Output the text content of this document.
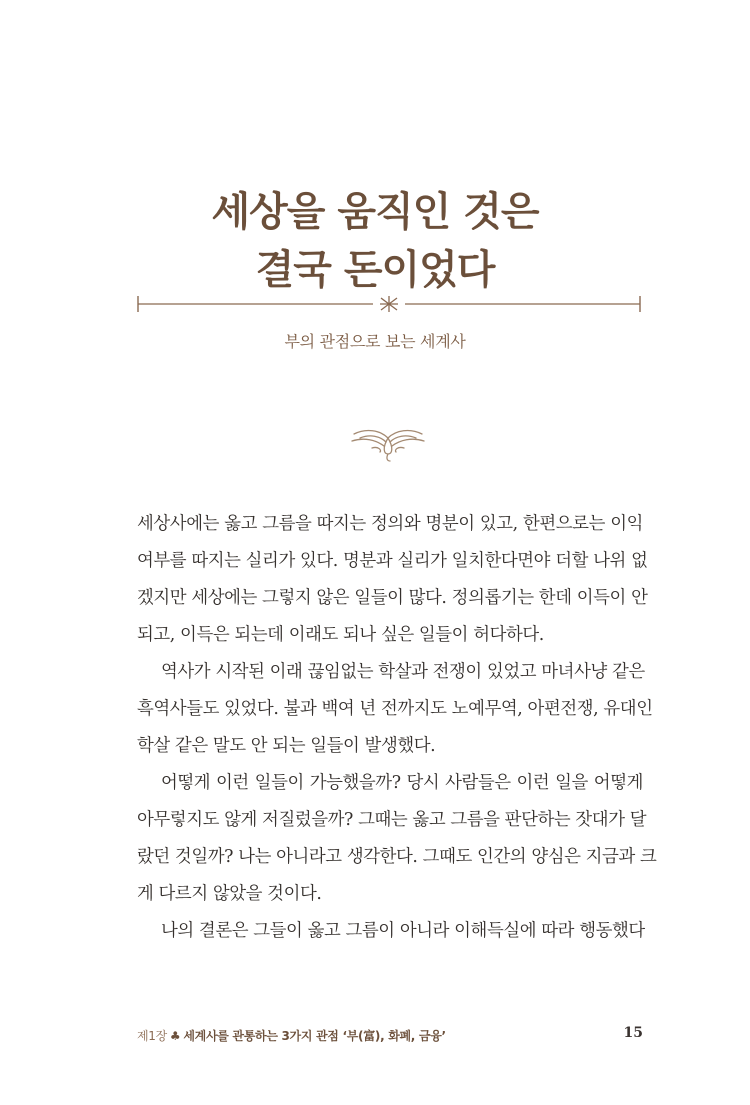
세상을 움직인 것은
결국 돈이었다
부의 관점으로 보는 세계사
세상사에는 옳고 그름을 따지는 정의와 명분이 있고, 한편으로는 이익
여부를 따지는 실리가 있다. 명분과 실리가 일치한다면야 더할 나위 없
겠지만 세상에는 그렇지 않은 일들이 많다. 정의롭기는 한데 이득이 안
되고, 이득은 되는데 이래도 되나 싶은 일들이 허다하다.
역사가 시작된 이래 끊임없는 학살과 전쟁이 있었고 마녀사냥 같은
흑역사들도 있었다. 불과 백여 년 전까지도 노예무역, 아편전쟁, 유대인
학살 같은 말도 안 되는 일들이 발생했다.
어떻게 이런 일들이 가능했을까? 당시 사람들은 이런 일을 어떻게
아무렇지도 않게 저질렀을까? 그때는 옳고 그름을 판단하는 잣대가 달
랐던 것일까? 나는 아니라고 생각한다. 그때도 인간의 양심은 지금과 크
게 다르지 않았을 것이다.
나의 결론은 그들이 옳고 그름이 아니라 이해득실에 따라 행동했다
제1장 ♣ 세계사를 관통하는 3가지 관점 ‘부(富), 화폐, 금융’	15
